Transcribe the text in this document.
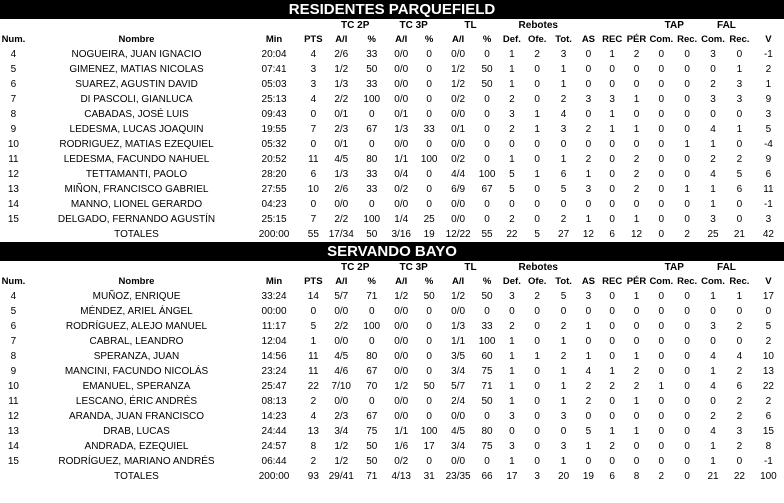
RESIDENTES PARQUEFIELD
				TC 2P		TC 3P		TL		Rebotes						TAP		FAL		
Num.	Nombre	Min	PTS	A/I	%	A/I	%	A/I	%	Def.	Ofe.	Tot.	AS	REC	PÉR	Com.	Rec.	Com.	Rec.	V
4	NOGUEIRA, JUAN IGNACIO	20:04	4	2/6	33	0/0	0	0/0	0	1	2	3	0	1	2	0	0	3	0	-1
5	GIMENEZ, MATIAS NICOLAS	07:41	3	1/2	50	0/0	0	1/2	50	1	0	1	0	0	0	0	0	0	1	2
6	SUAREZ, AGUSTIN DAVID	05:03	3	1/3	33	0/0	0	1/2	50	1	0	1	0	0	0	0	0	2	3	1
7	DI PASCOLI, GIANLUCA	25:13	4	2/2	100	0/0	0	0/2	0	2	0	2	3	3	1	0	0	3	3	9
8	CABADAS, JOSÉ LUIS	09:43	0	0/1	0	0/1	0	0/0	0	3	1	4	0	1	0	0	0	0	0	3
9	LEDESMA, LUCAS JOAQUIN	19:55	7	2/3	67	1/3	33	0/1	0	2	1	3	2	1	1	0	0	4	1	5
10	RODRIGUEZ, MATIAS EZEQUIEL	05:32	0	0/1	0	0/0	0	0/0	0	0	0	0	0	0	0	0	1	1	0	-4
11	LEDESMA, FACUNDO NAHUEL	20:52	11	4/5	80	1/1	100	0/2	0	1	0	1	2	0	2	0	0	2	2	9
12	TETTAMANTI, PAOLO	28:20	6	1/3	33	0/4	0	4/4	100	5	1	6	1	0	2	0	0	4	5	6
13	MIÑON, FRANCISCO GABRIEL	27:55	10	2/6	33	0/2	0	6/9	67	5	0	5	3	0	2	0	1	1	6	11
14	MANNO, LIONEL GERARDO	04:23	0	0/0	0	0/0	0	0/0	0	0	0	0	0	0	0	0	0	1	0	-1
15	DELGADO, FERNANDO AGUSTÍN	25:15	7	2/2	100	1/4	25	0/0	0	2	0	2	1	0	1	0	0	3	0	3
	TOTALES	200:00	55	17/34	50	3/16	19	12/22	55	22	5	27	12	6	12	0	2	25	21	42
SERVANDO BAYO
				TC 2P		TC 3P		TL		Rebotes						TAP		FAL		
Num.	Nombre	Min	PTS	A/I	%	A/I	%	A/I	%	Def.	Ofe.	Tot.	AS	REC	PÉR	Com.	Rec.	Com.	Rec.	V
4	MUÑOZ, ENRIQUE	33:24	14	5/7	71	1/2	50	1/2	50	3	2	5	3	0	1	0	0	1	1	17
5	MÉNDEZ, ARIEL ÁNGEL	00:00	0	0/0	0	0/0	0	0/0	0	0	0	0	0	0	0	0	0	0	0	0
6	RODRÍGUEZ, ALEJO MANUEL	11:17	5	2/2	100	0/0	0	1/3	33	2	0	2	1	0	0	0	0	3	2	5
7	CABRAL, LEANDRO	12:04	1	0/0	0	0/0	0	1/1	100	1	0	1	0	0	0	0	0	0	0	2
8	SPERANZA, JUAN	14:56	11	4/5	80	0/0	0	3/5	60	1	1	2	1	0	1	0	0	4	4	10
9	MANCINI, FACUNDO NICOLÁS	23:24	11	4/6	67	0/0	0	3/4	75	1	0	1	4	1	2	0	0	1	2	13
10	EMANUEL, SPERANZA	25:47	22	7/10	70	1/2	50	5/7	71	1	0	1	2	2	2	1	0	4	6	22
11	LESCANO, ÉRIC ANDRÉS	08:13	2	0/0	0	0/0	0	2/4	50	1	0	1	2	0	1	0	0	0	2	2
12	ARANDA, JUAN FRANCISCO	14:23	4	2/3	67	0/0	0	0/0	0	3	0	3	0	0	0	0	0	2	2	6
13	DRAB, LUCAS	24:44	13	3/4	75	1/1	100	4/5	80	0	0	0	5	1	1	0	0	4	3	15
14	ANDRADA, EZEQUIEL	24:57	8	1/2	50	1/6	17	3/4	75	3	0	3	1	2	0	0	0	1	2	8
15	RODRÍGUEZ, MARIANO ANDRÉS	06:44	2	1/2	50	0/2	0	0/0	0	1	0	1	0	0	0	0	0	1	0	-1
	TOTALES	200:00	93	29/41	71	4/13	31	23/35	66	17	3	20	19	6	8	2	0	21	22	100
